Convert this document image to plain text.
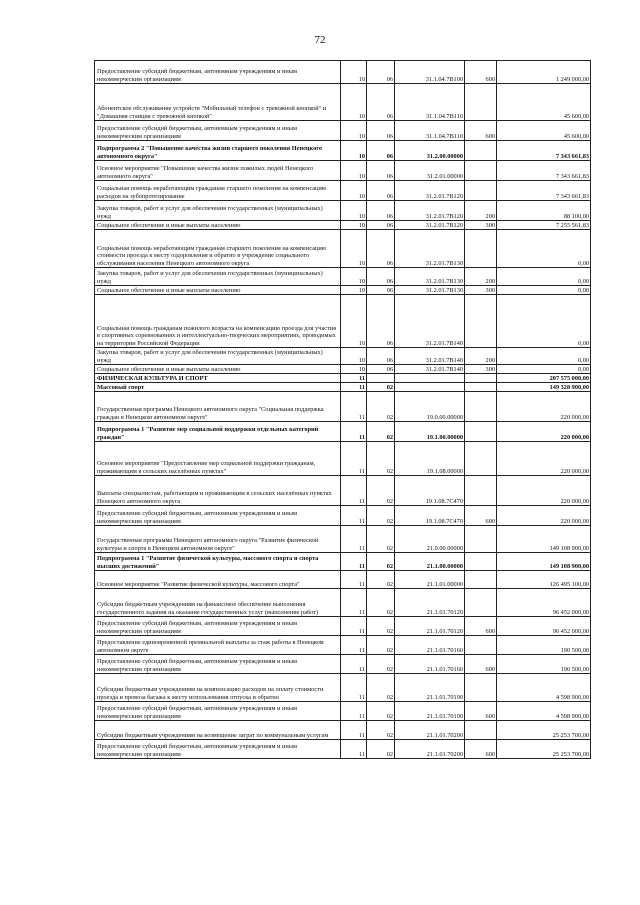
72
Предоставление субсидий бюджетным, автономным учреждениям и иным некоммерческим организациям	10	06	31.1.04.7В100	600	1 249 000,00
Абонентское обслуживание устройств "Мобильный телефон с тревожной кнопкой" и "Домашняя станция с тревожной кнопкой"	10	06	31.1.04.7В110		45 600,00
Предоставление субсидий бюджетным, автономным учреждениям и иным некоммерческим организациям	10	06	31.1.04.7В110	600	45 600,00
Подпрограмма 2 "Повышение качества жизни старшего поколения Ненецкого автономного округа"	10	06	31.2.00.00000		7 343 661,83
Основное мероприятие "Повышение качества жизни пожилых людей Ненецкого автономного округа"	10	06	31.2.01.00000		7 343 661,83
Социальная помощь неработающим гражданам старшего поколения на компенсацию расходов на зубопротезирование	10	06	31.2.01.7В120		7 343 661,83
Закупка товаров, работ и услуг для обеспечения государственных (муниципальных) нужд	10	06	31.2.01.7В120	200	88 100,00
Социальное обеспечение и иные выплаты населению	10	06	31.2.01.7В120	300	7 255 561,83
Социальная помощь неработающим гражданам старшего поколения на компенсацию стоимости проезда к месту оздоровления и обратно в учреждение социального обслуживания населения Ненецкого автономного округа	10	06	31.2.01.7В130		0,00
Закупка товаров, работ и услуг для обеспечения государственных (муниципальных) нужд	10	06	31.2.01.7В130	200	0,00
Социальное обеспечение и иные выплаты населению	10	06	31.2.01.7В130	300	0,00
Социальная помощь гражданам пожилого возраста на компенсацию проезда для участия в спортивных соревнованиях и интеллектуально-творческих мероприятиях, проводимых на территории Российской Федерации	10	06	31.2.01.7В140		0,00
Закупка товаров, работ и услуг для обеспечения государственных (муниципальных) нужд	10	06	31.2.01.7В140	200	0,00
Социальное обеспечение и иные выплаты населению	10	06	31.2.01.7В140	300	0,00
ФИЗИЧЕСКАЯ КУЛЬТУРА И СПОРТ	11				207 575 000,00
Массовый спорт	11	02			149 328 900,00
Государственная программа Ненецкого автономного округа "Социальная поддержка граждан в Ненецком автономном округе"	11	02	19.0.00.00000		220 000,00
Подпрограмма 1 "Развитие мер социальной поддержки отдельных категорий граждан"	11	02	19.1.00.00000		220 000,00
Основное мероприятие "Предоставление мер социальной поддержки гражданам, проживающим в сельских населённых пунктах"	11	02	19.1.08.00000		220 000,00
Выплаты специалистам, работающим и проживающим в сельских населённых пунктах Ненецкого автономного округа	11	02	19.1.08.7С470		220 000,00
Предоставление субсидий бюджетным, автономным учреждениям и иным некоммерческим организациям	11	02	19.1.08.7С470	600	220 000,00
Государственная программа Ненецкого автономного округа "Развитие физической культуры и спорта в Ненецком автономном округе"	11	02	21.0.00.00000		149 108 900,00
Подпрограмма 1 "Развитие физической культуры, массового спорта и спорта высших достижений"	11	02	21.1.00.00000		149 108 900,00
Основное мероприятие "Развитие физической культуры, массового спорта"	11	02	21.1.01.00000		126 495 100,00
Субсидии бюджетным учреждениям на финансовое обеспечение выполнения государственного задания на оказание государственных услуг (выполнение работ)	11	02	21.1.01.70120		96 452 000,00
Предоставление субсидий бюджетным, автономным учреждениям и иным некоммерческим организациям	11	02	21.1.01.70120	600	96 452 000,00
Предоставление единовременной премиальной выплаты за стаж работы в Ненецком автономном округе	11	02	21.1.01.70160		190 500,00
Предоставление субсидий бюджетным, автономным учреждениям и иным некоммерческим организациям	11	02	21.1.01.70160	600	190 500,00
Субсидии бюджетным учреждениям на компенсацию расходов на оплату стоимости проезда и провоза багажа к месту использования отпуска и обратно	11	02	21.1.01.70190		4 598 900,00
Предоставление субсидий бюджетным, автономным учреждениям и иным некоммерческим организациям	11	02	21.1.01.70190	600	4 598 900,00
Субсидии бюджетным учреждениям на возмещение затрат по коммунальным услугам	11	02	21.1.01.70200		25 253 700,00
Предоставление субсидий бюджетным, автономным учреждениям и иным некоммерческим организациям	11	02	21.1.01.70200	600	25 253 700,00
